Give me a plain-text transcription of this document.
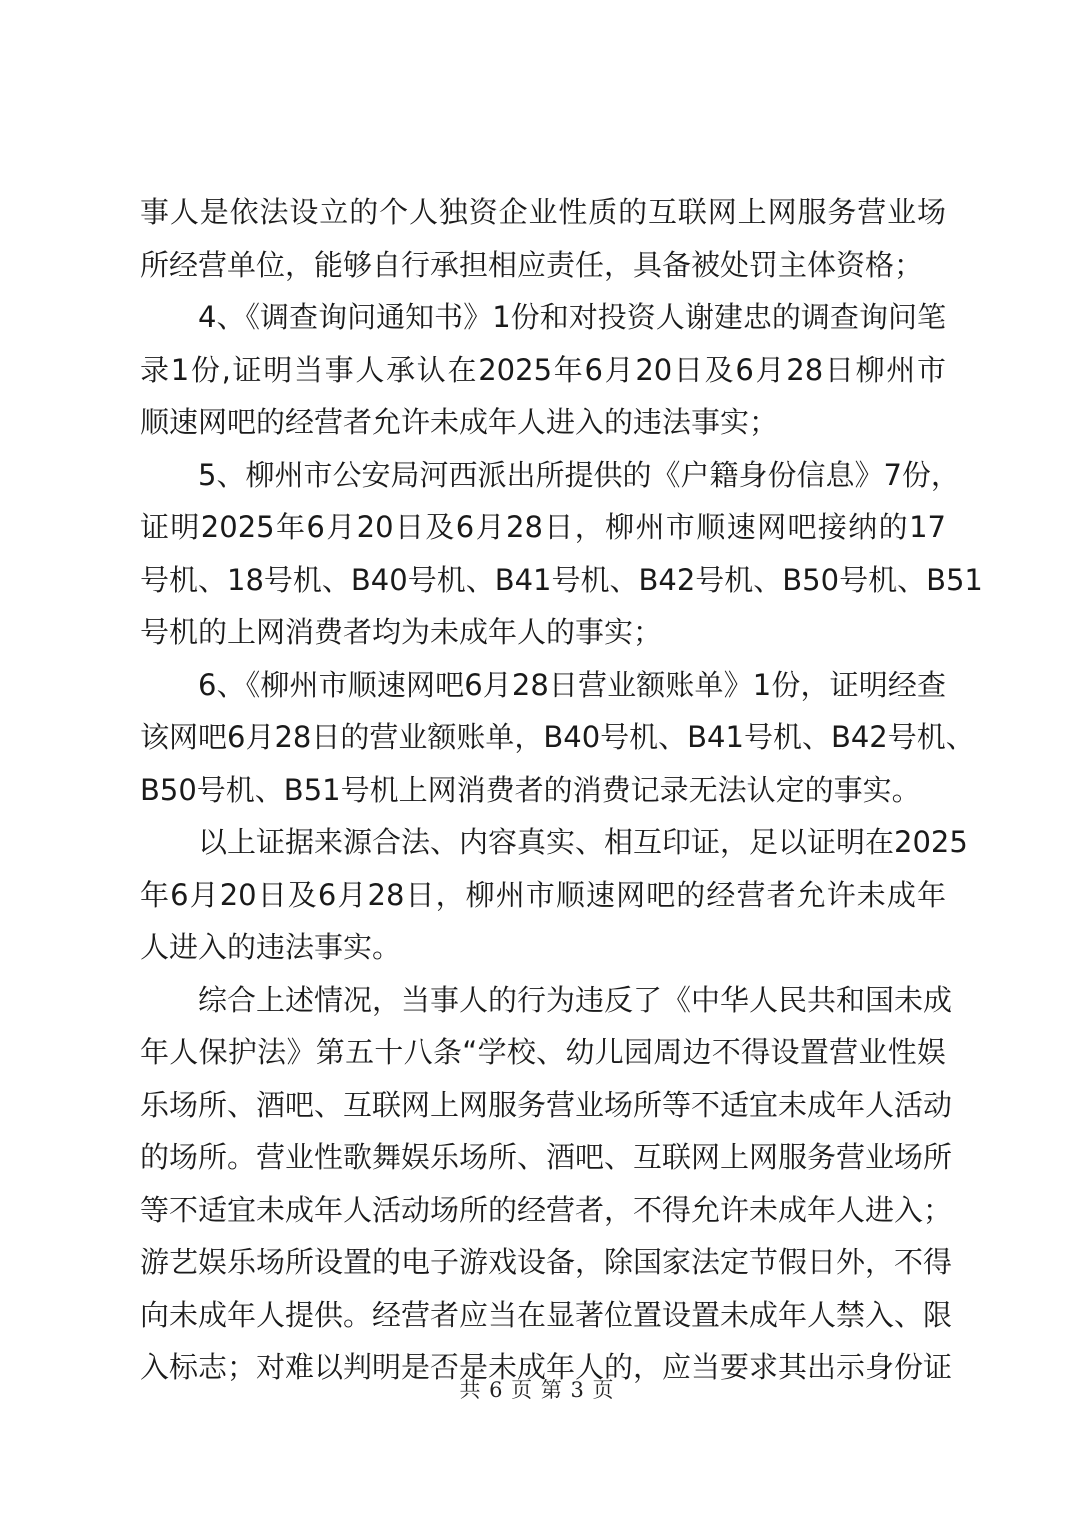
事人是依法设立的个人独资企业性质的互联网上网服务营业场
所经营单位，能够自行承担相应责任，具备被处罚主体资格；
4、《调查询问通知书》1份和对投资人谢建忠的调查询问笔
录1份,证明当事人承认在2025年6月20日及6月28日柳州市
顺速网吧的经营者允许未成年人进入的违法事实；
5、柳州市公安局河西派出所提供的《户籍身份信息》7份，
证明2025年6月20日及6月28日，柳州市顺速网吧接纳的17
号机、18号机、B40号机、B41号机、B42号机、B50号机、B51
号机的上网消费者均为未成年人的事实；
6、《柳州市顺速网吧6月28日营业额账单》1份，证明经查
该网吧6月28日的营业额账单，B40号机、B41号机、B42号机、
B50号机、B51号机上网消费者的消费记录无法认定的事实。
以上证据来源合法、内容真实、相互印证，足以证明在2025
年6月20日及6月28日，柳州市顺速网吧的经营者允许未成年
人进入的违法事实。
综合上述情况，当事人的行为违反了《中华人民共和国未成
年人保护法》第五十八条“学校、幼儿园周边不得设置营业性娱
乐场所、酒吧、互联网上网服务营业场所等不适宜未成年人活动
的场所。营业性歌舞娱乐场所、酒吧、互联网上网服务营业场所
等不适宜未成年人活动场所的经营者，不得允许未成年人进入；
游艺娱乐场所设置的电子游戏设备，除国家法定节假日外，不得
向未成年人提供。经营者应当在显著位置设置未成年人禁入、限
入标志；对难以判明是否是未成年人的，应当要求其出示身份证
共 6 页 第 3 页
